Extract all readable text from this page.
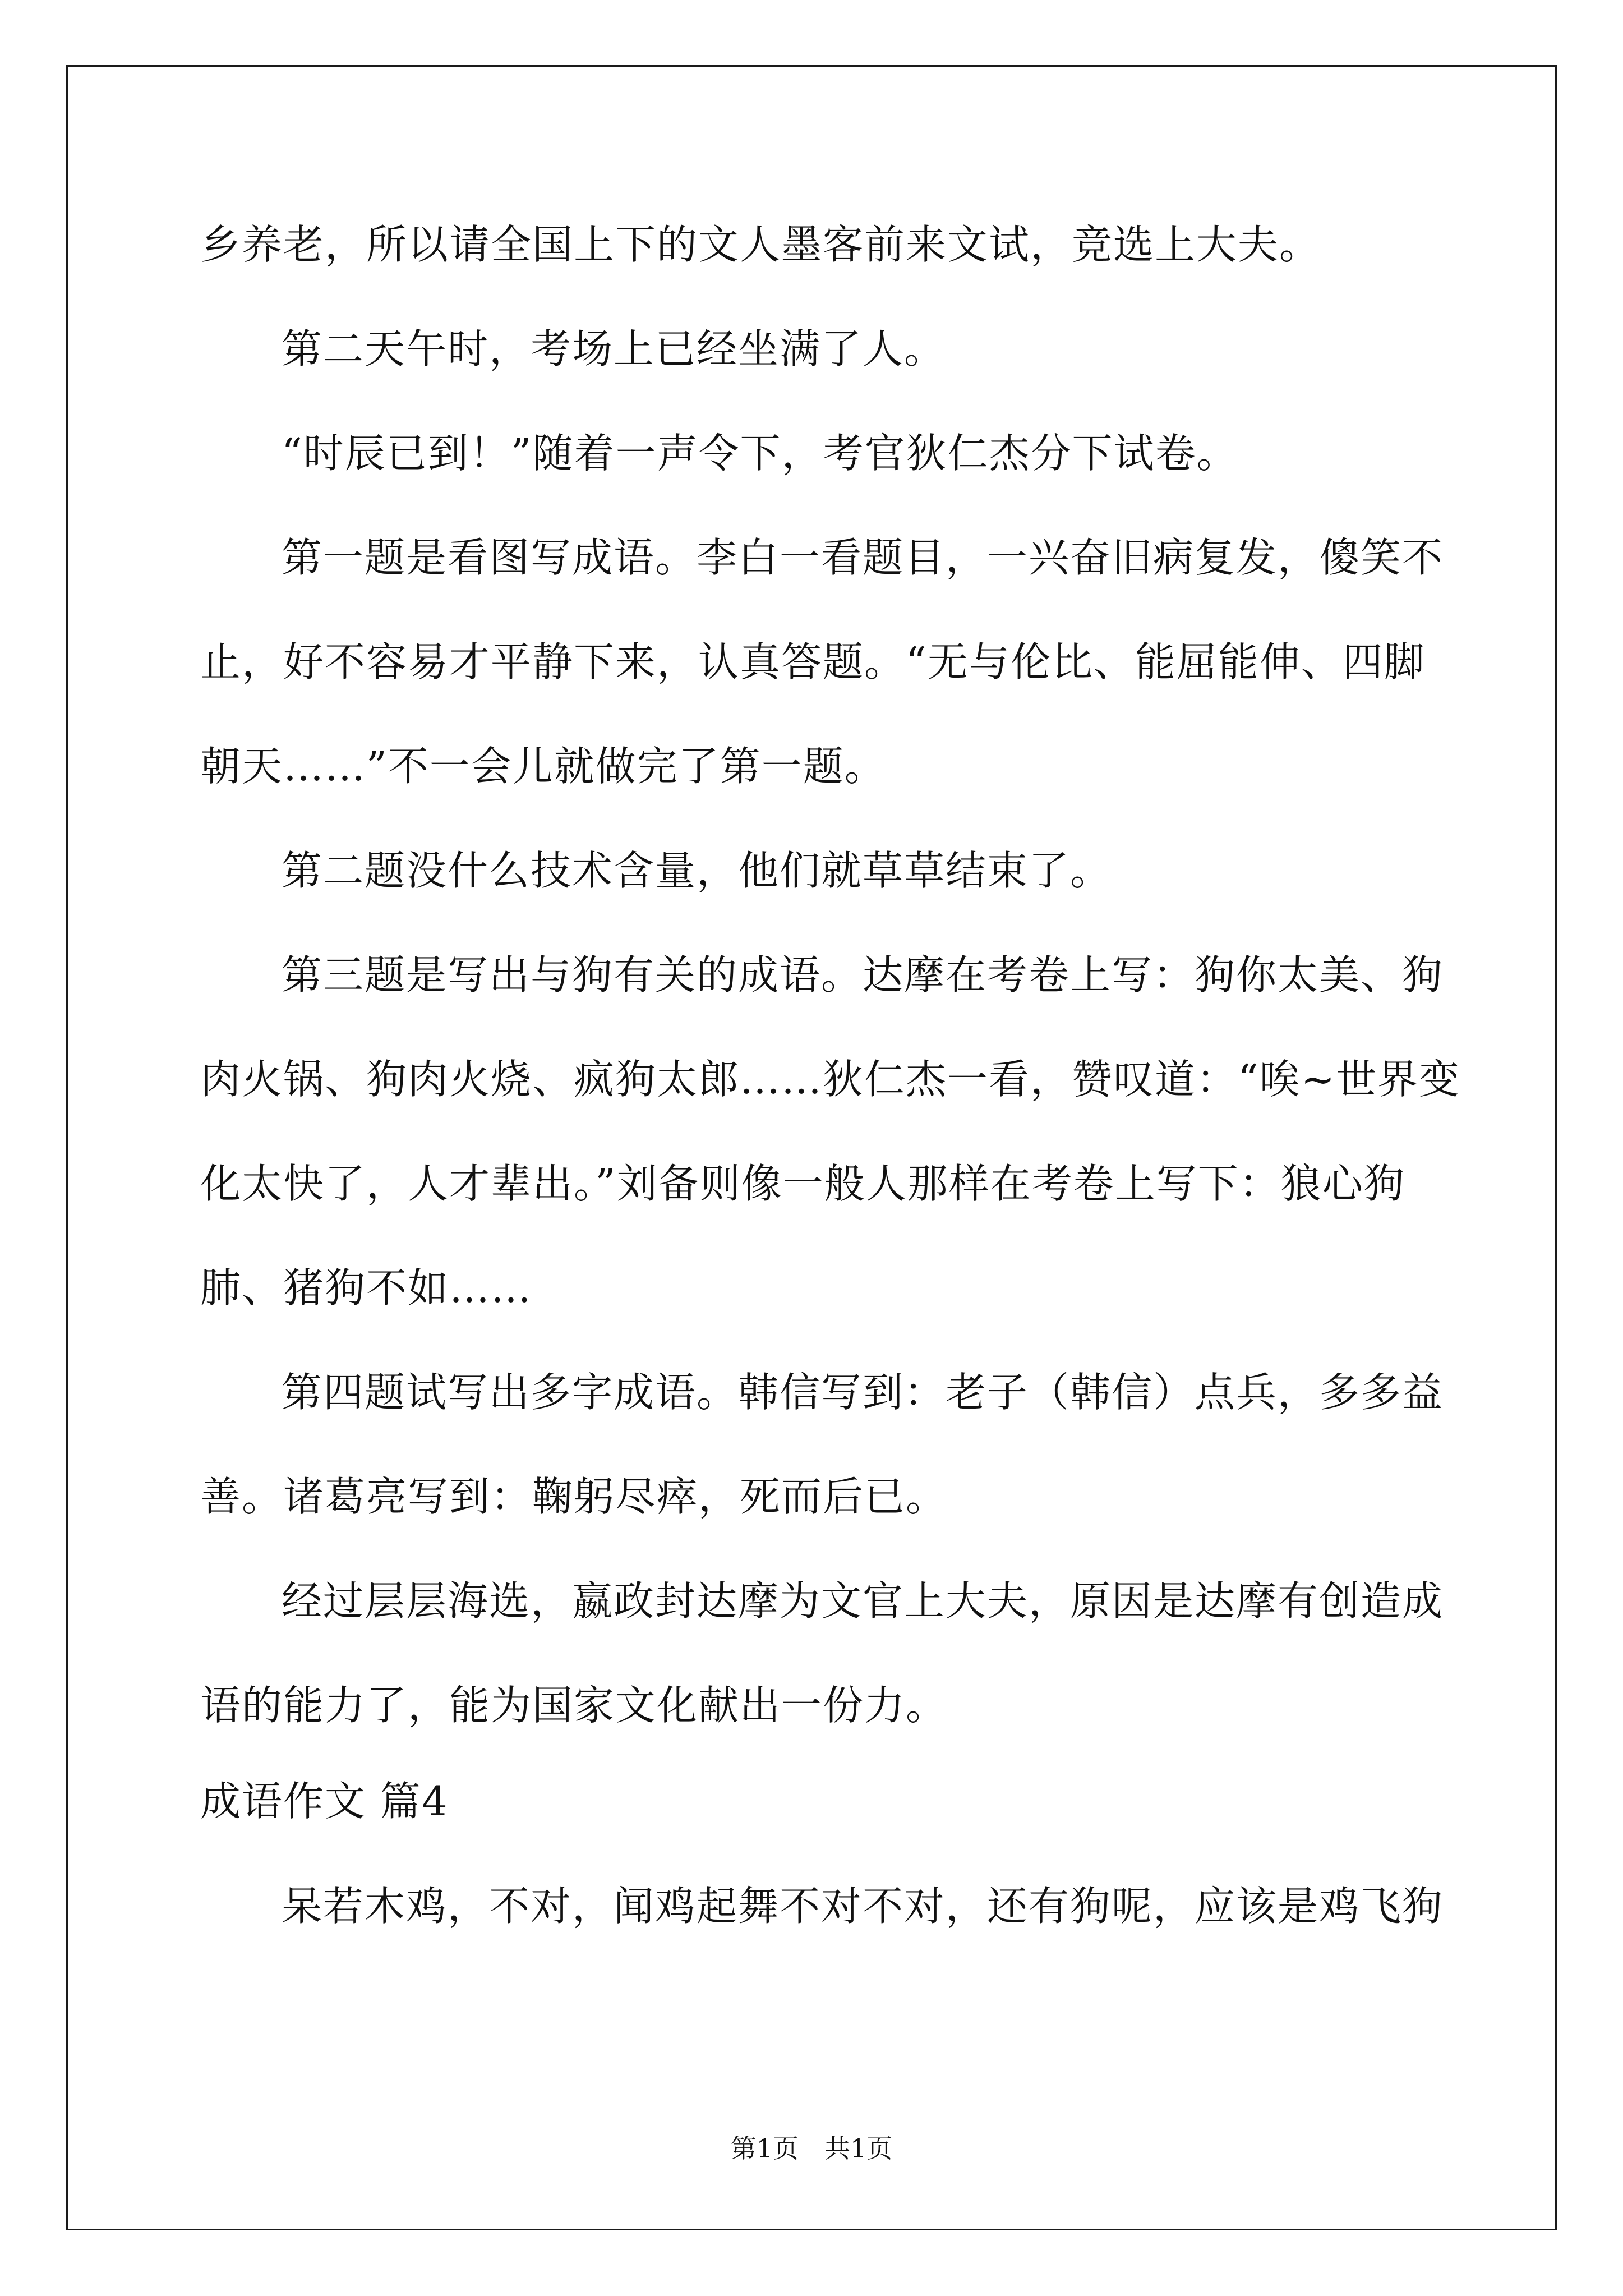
乡养老，所以请全国上下的文人墨客前来文试，竞选上大夫。
第二天午时，考场上已经坐满了人。
“时辰已到！”随着一声令下，考官狄仁杰分下试卷。
第一题是看图写成语。李白一看题目，一兴奋旧病复发，傻笑不
止，好不容易才平静下来，认真答题。“无与伦比、能屈能伸、四脚
朝天……”不一会儿就做完了第一题。
第二题没什么技术含量，他们就草草结束了。
第三题是写出与狗有关的成语。达摩在考卷上写：狗你太美、狗
肉火锅、狗肉火烧、疯狗太郎……狄仁杰一看，赞叹道：“唉~世界变
化太快了，人才辈出。”刘备则像一般人那样在考卷上写下：狼心狗
肺、猪狗不如……
第四题试写出多字成语。韩信写到：老子（韩信）点兵，多多益
善。诸葛亮写到：鞠躬尽瘁，死而后已。
经过层层海选，嬴政封达摩为文官上大夫，原因是达摩有创造成
语的能力了，能为国家文化献出一份力。
成语作文 篇4
呆若木鸡，不对，闻鸡起舞不对不对，还有狗呢，应该是鸡飞狗
第1页　共1页
